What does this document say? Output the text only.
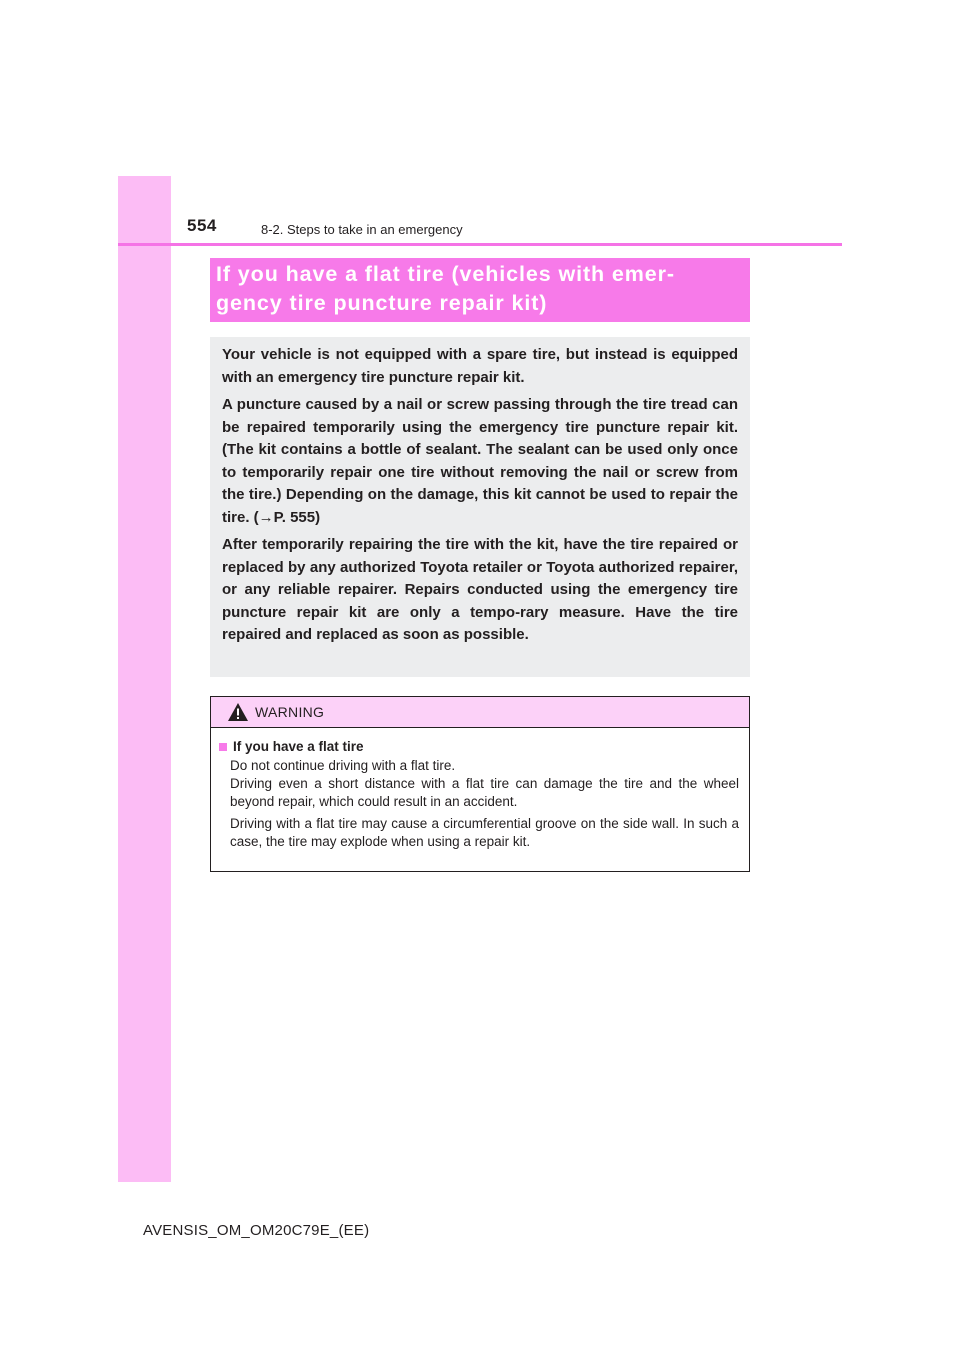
554	8-2. Steps to take in an emergency
If you have a flat tire (vehicles with emer-
gency tire puncture repair kit)

Your vehicle is not equipped with a spare tire, but instead is equipped with an emergency tire puncture repair kit.

A puncture caused by a nail or screw passing through the tire tread can be repaired temporarily using the emergency tire puncture repair kit. (The kit contains a bottle of sealant. The sealant can be used only once to temporarily repair one tire without removing the nail or screw from the tire.) Depending on the damage, this kit cannot be used to repair the tire. (→P. 555)

After temporarily repairing the tire with the kit, have the tire repaired or replaced by any authorized Toyota retailer or Toyota authorized repairer, or any reliable repairer. Repairs conducted using the emergency tire puncture repair kit are only a tempo-rary measure. Have the tire repaired and replaced as soon as possible.

WARNING
If you have a flat tire

Do not continue driving with a flat tire.
Driving even a short distance with a flat tire can damage the tire and the wheel beyond repair, which could result in an accident.

Driving with a flat tire may cause a circumferential groove on the side wall. In such a case, the tire may explode when using a repair kit.

AVENSIS_OM_OM20C79E_(EE)
